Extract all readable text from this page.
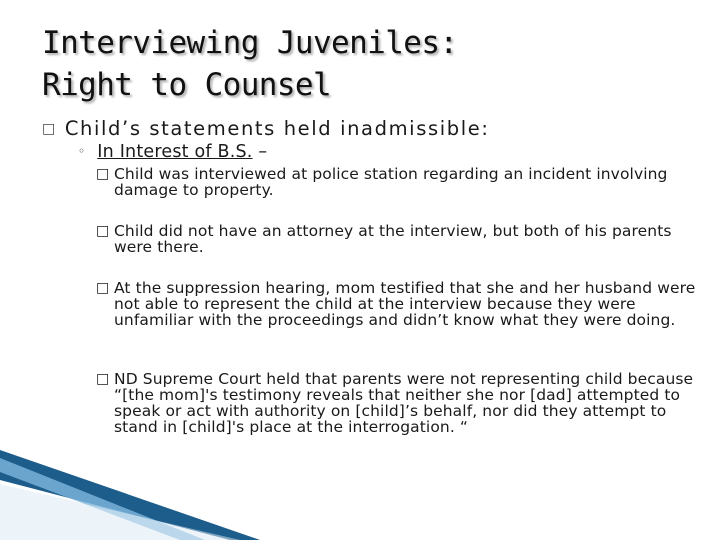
Interviewing Juveniles:
Right to Counsel
□ Child’s statements held inadmissible:
◦ In Interest of B.S. –
□ Child was interviewed at police station regarding an incident involving damage to property.
□ Child did not have an attorney at the interview, but both of his parents were there.
□ At the suppression hearing, mom testified that she and her husband were not able to represent the child at the interview because they were unfamiliar with the proceedings and didn’t know what they were doing.
□ ND Supreme Court held that parents were not representing child because “[the mom]'s testimony reveals that neither she nor [dad] attempted to speak or act with authority on [child]’s behalf, nor did they attempt to stand in [child]'s place at the interrogation. “
